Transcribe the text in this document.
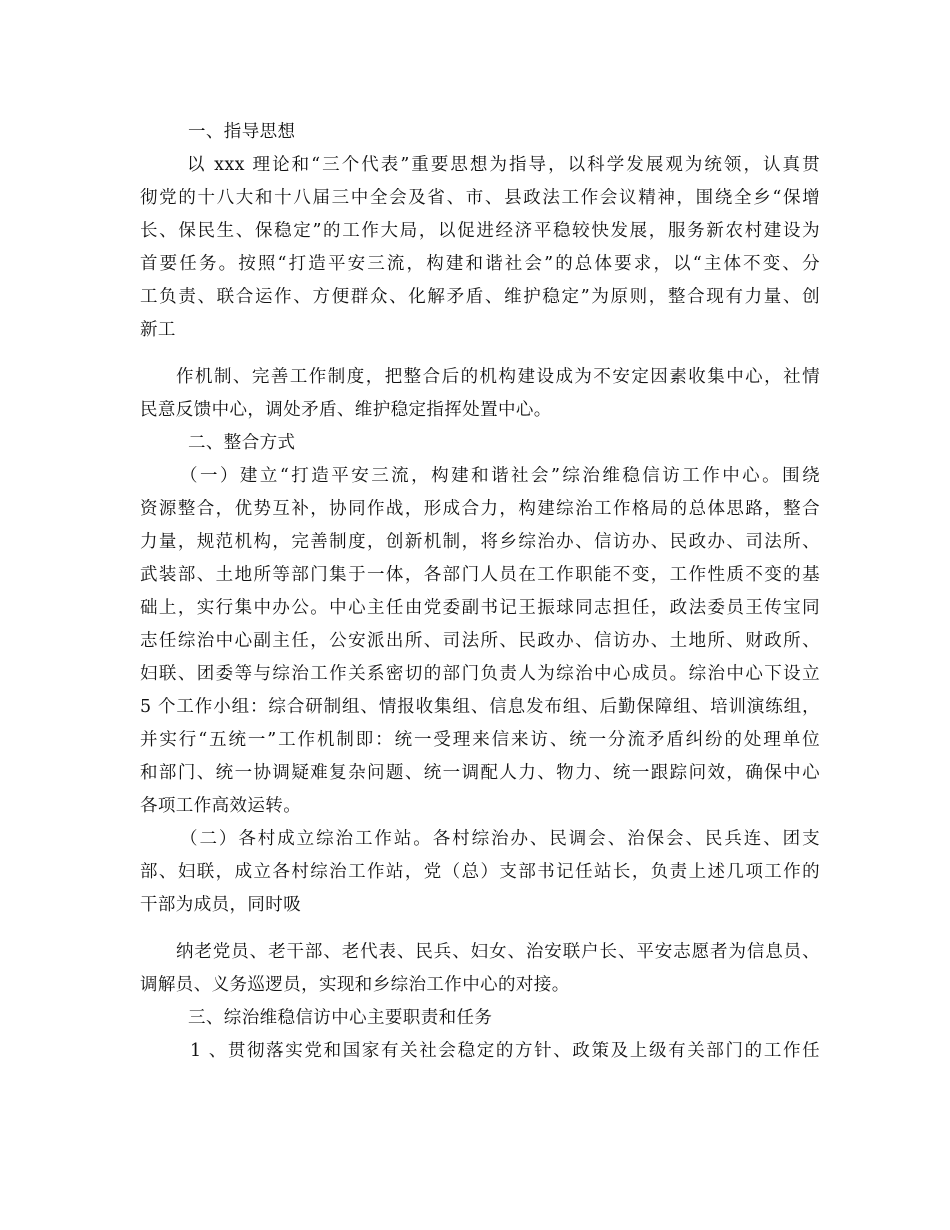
一、指导思想
以 xxx 理论和“三个代表”重要思想为指导，以科学发展观为统领，认真贯
彻党的十八大和十八届三中全会及省、市、县政法工作会议精神，围绕全乡“保增
长、保民生、保稳定”的工作大局，以促进经济平稳较快发展，服务新农村建设为
首要任务。按照“打造平安三流，构建和谐社会”的总体要求，以“主体不变、分
工负责、联合运作、方便群众、化解矛盾、维护稳定”为原则，整合现有力量、创
新工
作机制、完善工作制度，把整合后的机构建设成为不安定因素收集中心，社情
民意反馈中心，调处矛盾、维护稳定指挥处置中心。
二、整合方式
（一）建立“打造平安三流，构建和谐社会”综治维稳信访工作中心。围绕
资源整合，优势互补，协同作战，形成合力，构建综治工作格局的总体思路，整合
力量，规范机构，完善制度，创新机制，将乡综治办、信访办、民政办、司法所、
武装部、土地所等部门集于一体，各部门人员在工作职能不变，工作性质不变的基
础上，实行集中办公。中心主任由党委副书记王振球同志担任，政法委员王传宝同
志任综治中心副主任，公安派出所、司法所、民政办、信访办、土地所、财政所、
妇联、团委等与综治工作关系密切的部门负责人为综治中心成员。综治中心下设立
5 个工作小组：综合研制组、情报收集组、信息发布组、后勤保障组、培训演练组，
并实行“五统一”工作机制即：统一受理来信来访、统一分流矛盾纠纷的处理单位
和部门、统一协调疑难复杂问题、统一调配人力、物力、统一跟踪问效，确保中心
各项工作高效运转。
（二）各村成立综治工作站。各村综治办、民调会、治保会、民兵连、团支
部、妇联，成立各村综治工作站，党（总）支部书记任站长，负责上述几项工作的
干部为成员，同时吸
纳老党员、老干部、老代表、民兵、妇女、治安联户长、平安志愿者为信息员、
调解员、义务巡逻员，实现和乡综治工作中心的对接。
三、综治维稳信访中心主要职责和任务
1 、贯彻落实党和国家有关社会稳定的方针、政策及上级有关部门的工作任
